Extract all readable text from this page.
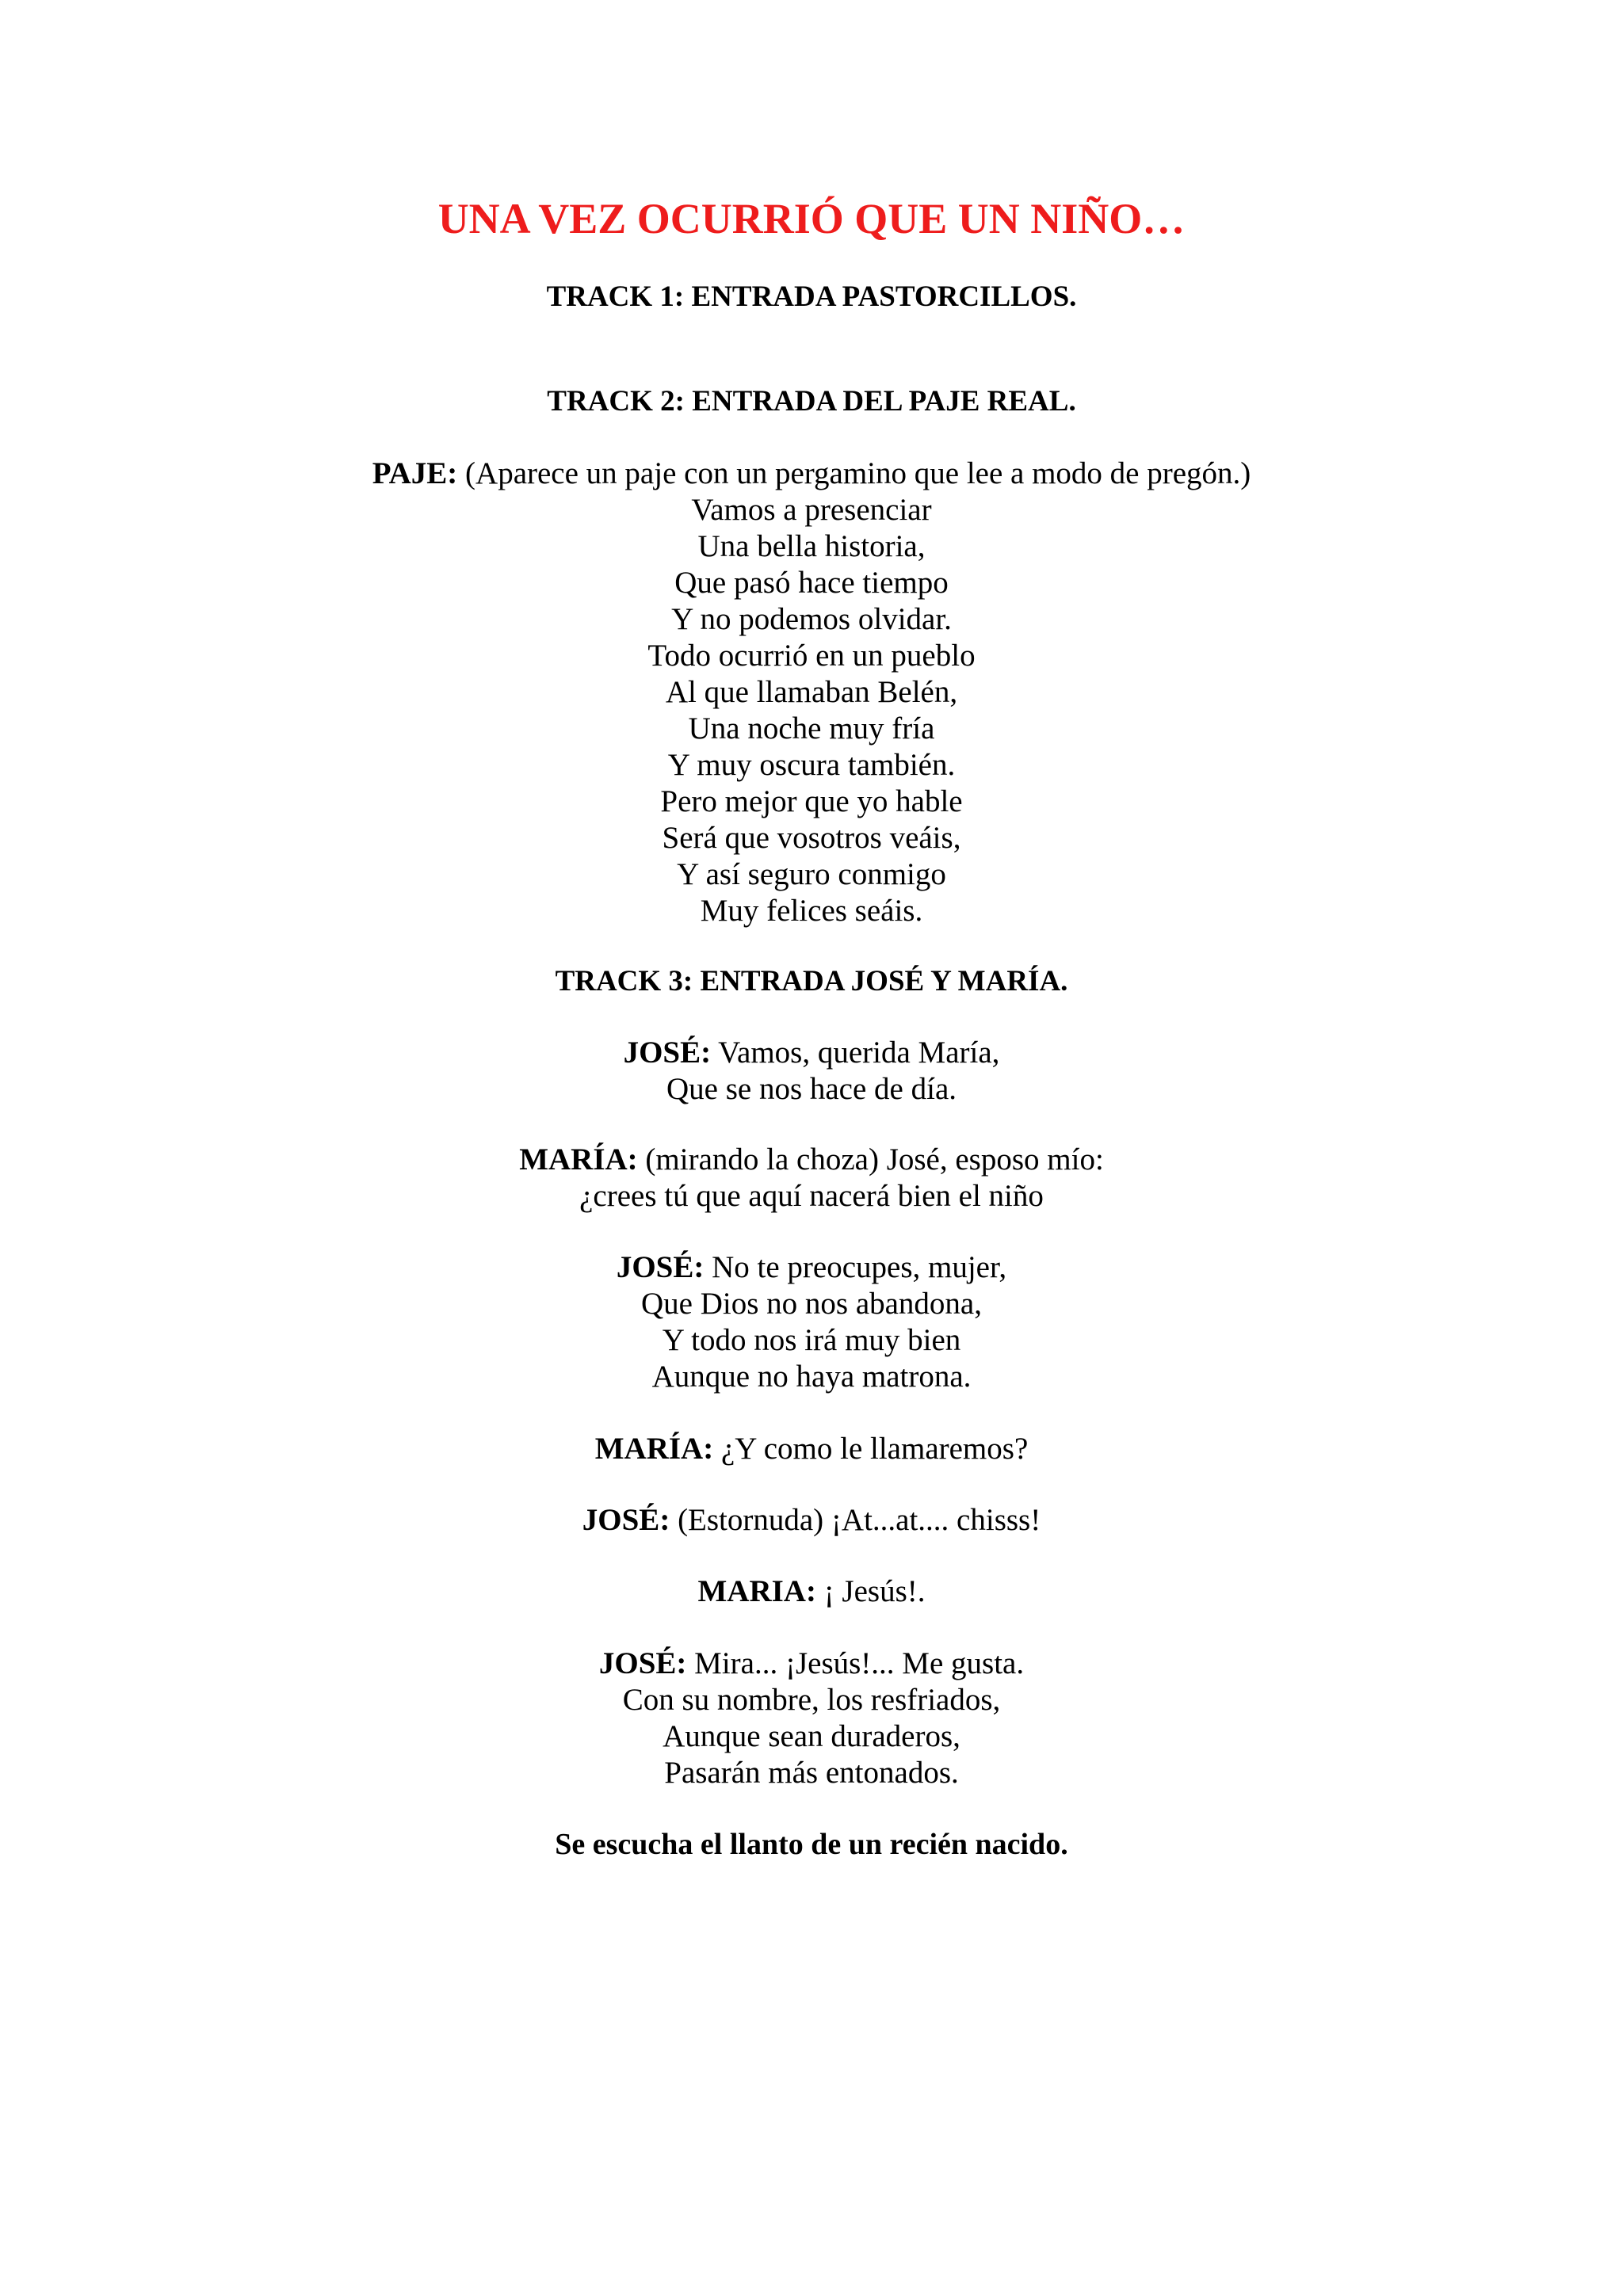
UNA VEZ OCURRIÓ QUE UN NIÑO…

TRACK 1: ENTRADA PASTORCILLOS.

TRACK 2: ENTRADA DEL PAJE REAL.

PAJE: (Aparece un paje con un pergamino que lee a modo de pregón.)
Vamos a presenciar
Una bella historia,
Que pasó hace tiempo
Y no podemos olvidar.
Todo ocurrió en un pueblo
Al que llamaban Belén,
Una noche muy fría
Y muy oscura también.
Pero mejor que yo hable
Será que vosotros veáis,
Y así seguro conmigo
Muy felices seáis.

TRACK 3: ENTRADA JOSÉ Y MARÍA.

JOSÉ: Vamos, querida María,
Que se nos hace de día.
MARÍA: (mirando la choza) José, esposo mío:
¿crees tú que aquí nacerá bien el niño
JOSÉ: No te preocupes, mujer,
Que Dios no nos abandona,
Y todo nos irá muy bien
Aunque no haya matrona.
MARÍA: ¿Y como le llamaremos?
JOSÉ: (Estornuda) ¡At...at.... chisss!
MARIA: ¡ Jesús!.
JOSÉ: Mira... ¡Jesús!... Me gusta.
Con su nombre, los resfriados,
Aunque sean duraderos,
Pasarán más entonados.
Se escucha el llanto de un recién nacido.
